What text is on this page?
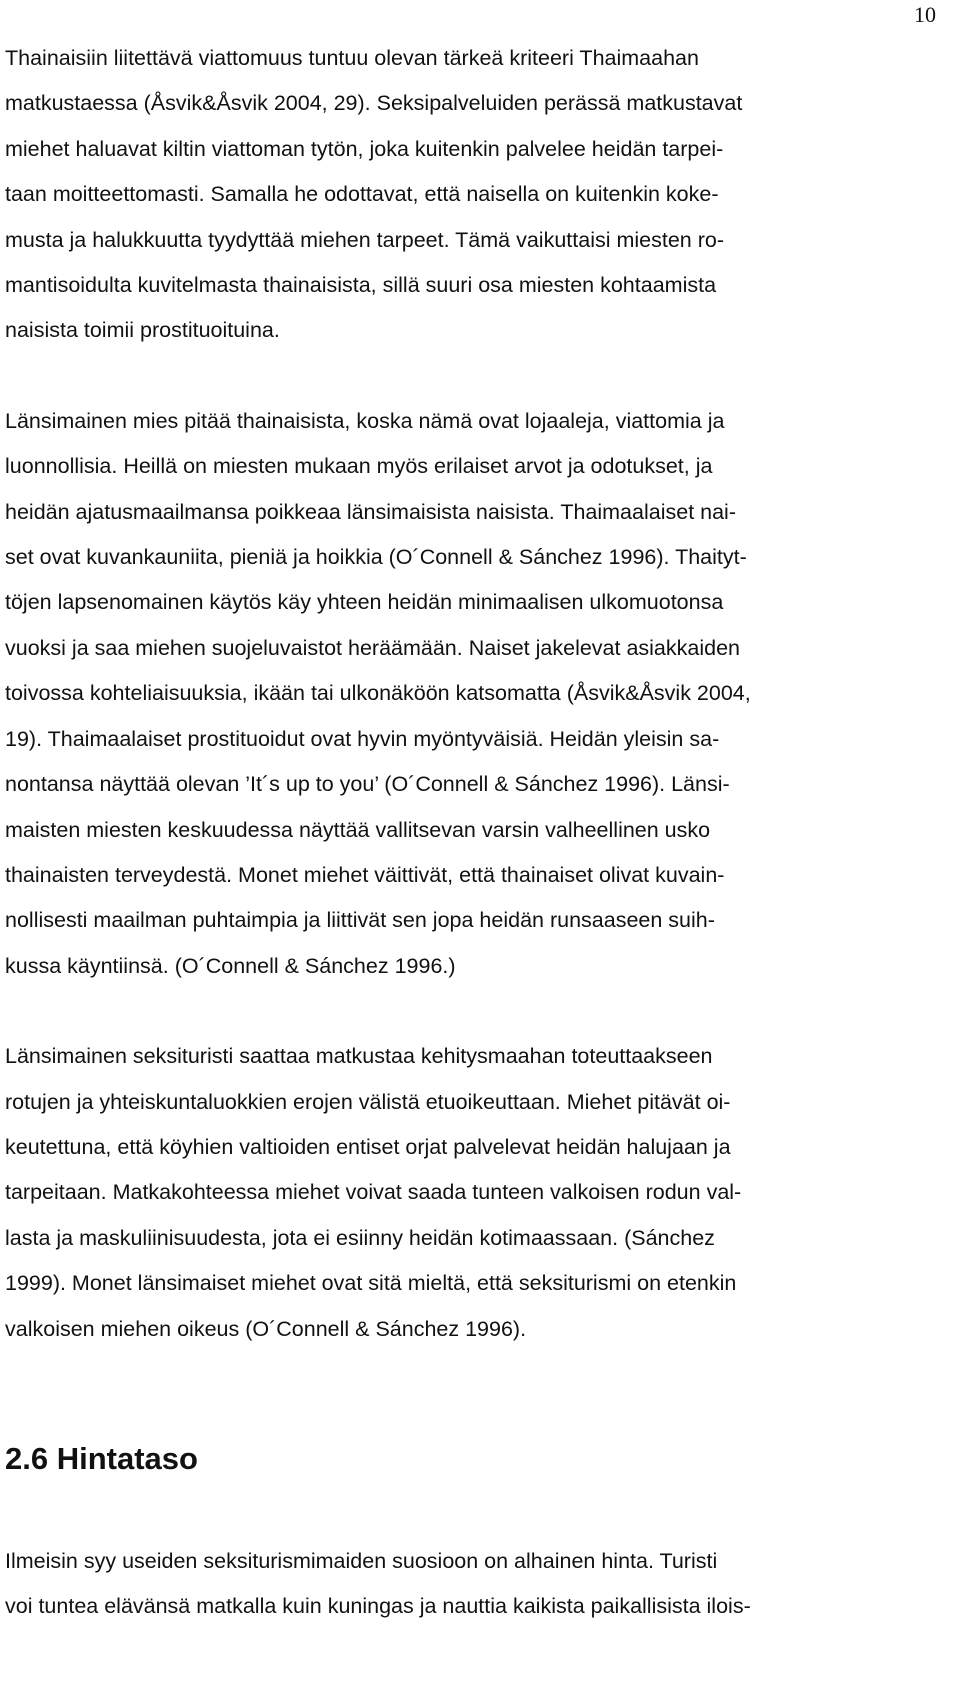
10

Thainaisiin liitettävä viattomuus tuntuu olevan tärkeä kriteeri Thaimaahan
matkustaessa (Åsvik&Åsvik 2004, 29). Seksipalveluiden perässä matkustavat
miehet haluavat kiltin viattoman tytön, joka kuitenkin palvelee heidän tarpei-
taan moitteettomasti. Samalla he odottavat, että naisella on kuitenkin koke-
musta ja halukkuutta tyydyttää miehen tarpeet. Tämä vaikuttaisi miesten ro-
mantisoidulta kuvitelmasta thainaisista, sillä suuri osa miesten kohtaamista
naisista toimii prostituoituina.

Länsimainen mies pitää thainaisista, koska nämä ovat lojaaleja, viattomia ja
luonnollisia. Heillä on miesten mukaan myös erilaiset arvot ja odotukset, ja
heidän ajatusmaailmansa poikkeaa länsimaisista naisista. Thaimaalaiset nai-
set ovat kuvankauniita, pieniä ja hoikkia (O´Connell & Sánchez 1996). Thaityt-
töjen lapsenomainen käytös käy yhteen heidän minimaalisen ulkomuotonsa
vuoksi ja saa miehen suojeluvaistot heräämään. Naiset jakelevat asiakkaiden
toivossa kohteliaisuuksia, ikään tai ulkonäköön katsomatta (Åsvik&Åsvik 2004,
19). Thaimaalaiset prostituoidut ovat hyvin myöntyväisiä. Heidän yleisin sa-
nontansa näyttää olevan ’It´s up to you’ (O´Connell & Sánchez 1996). Länsi-
maisten miesten keskuudessa näyttää vallitsevan varsin valheellinen usko
thainaisten terveydestä. Monet miehet väittivät, että thainaiset olivat kuvain-
nollisesti maailman puhtaimpia ja liittivät sen jopa heidän runsaaseen suih-
kussa käyntiinsä. (O´Connell & Sánchez 1996.)

Länsimainen seksituristi saattaa matkustaa kehitysmaahan toteuttaakseen
rotujen ja yhteiskuntaluokkien erojen välistä etuoikeuttaan. Miehet pitävät oi-
keutettuna, että köyhien valtioiden entiset orjat palvelevat heidän halujaan ja
tarpeitaan. Matkakohteessa miehet voivat saada tunteen valkoisen rodun val-
lasta ja maskuliinisuudesta, jota ei esiinny heidän kotimaassaan. (Sánchez
1999). Monet länsimaiset miehet ovat sitä mieltä, että seksiturismi on etenkin
valkoisen miehen oikeus (O´Connell & Sánchez 1996).

2.6 Hintataso

Ilmeisin syy useiden seksiturismimaiden suosioon on alhainen hinta. Turisti
voi tuntea elävänsä matkalla kuin kuningas ja nauttia kaikista paikallisista ilois-
